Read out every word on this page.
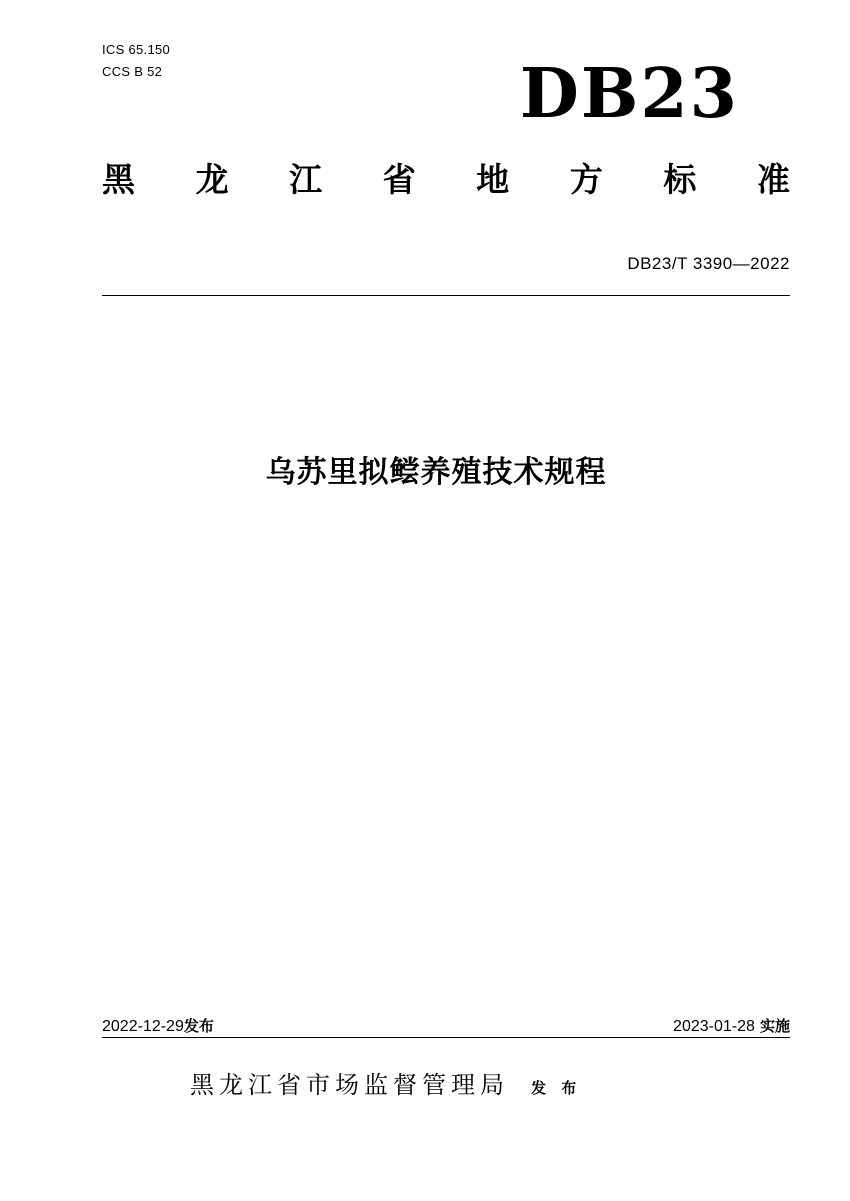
ICS 65.150
CCS B 52	DB23
黑 龙 江 省 地 方 标 准
DB23/T 3390—2022
乌苏里拟鲿养殖技术规程
2022-12-29发布	2023-01-28 实施
黑龙江省市场监督管理局 发 布
